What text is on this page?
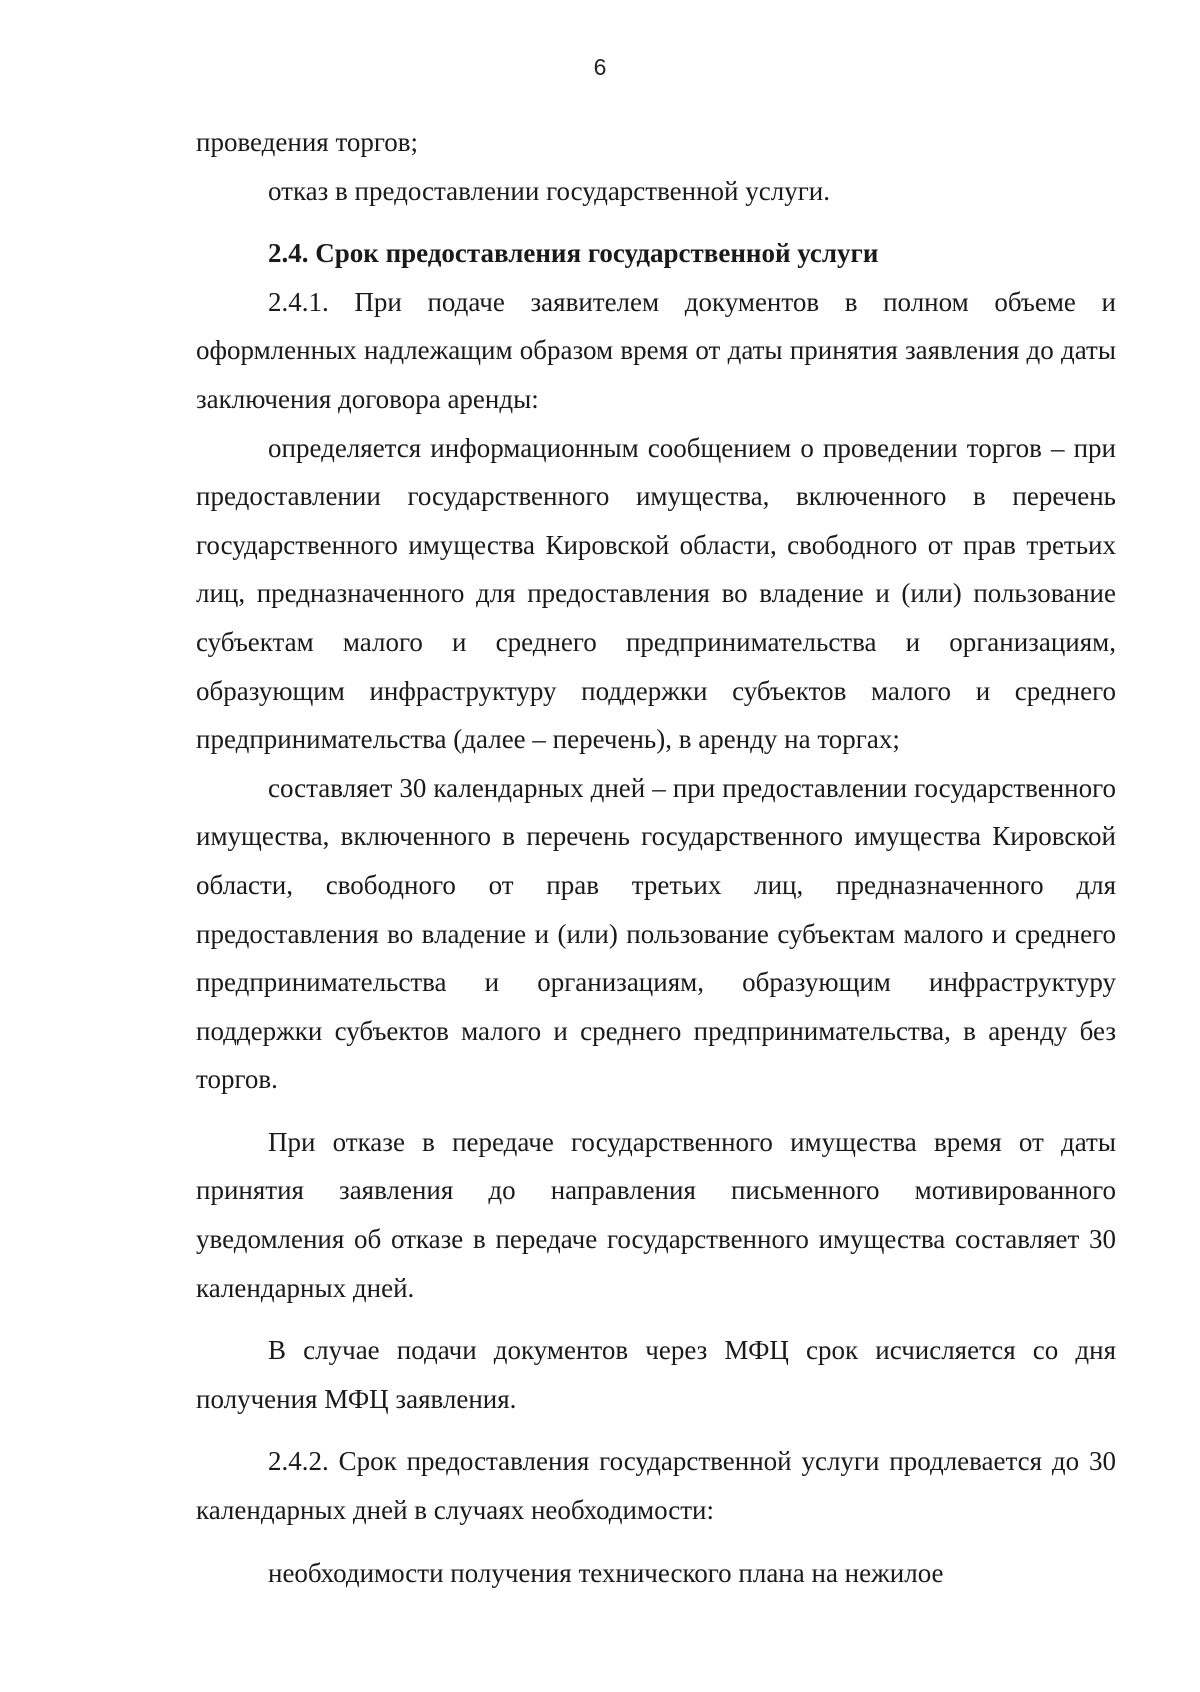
6

проведения торгов;

отказ в предоставлении государственной услуги.

2.4. Срок предоставления государственной услуги

2.4.1. При подаче заявителем документов в полном объеме и оформленных надлежащим образом время от даты принятия заявления до даты заключения договора аренды:

определяется информационным сообщением о проведении торгов – при предоставлении государственного имущества, включенного в перечень государственного имущества Кировской области, свободного от прав третьих лиц, предназначенного для предоставления во владение и (или) пользование субъектам малого и среднего предпринимательства и организациям, образующим инфраструктуру поддержки субъектов малого и среднего предпринимательства (далее – перечень), в аренду на торгах;

составляет 30 календарных дней – при предоставлении государственного имущества, включенного в перечень государственного имущества Кировской области, свободного от прав третьих лиц, предназначенного для предоставления во владение и (или) пользование субъектам малого и среднего предпринимательства и организациям, образующим инфраструктуру поддержки субъектов малого и среднего предпринимательства, в аренду без торгов.

При отказе в передаче государственного имущества время от даты принятия заявления до направления письменного мотивированного уведомления об отказе в передаче государственного имущества составляет 30 календарных дней.

В случае подачи документов через МФЦ срок исчисляется со дня получения МФЦ заявления.

2.4.2. Срок предоставления государственной услуги продлевается до 30 календарных дней в случаях необходимости:

необходимости получения технического плана на нежилое
